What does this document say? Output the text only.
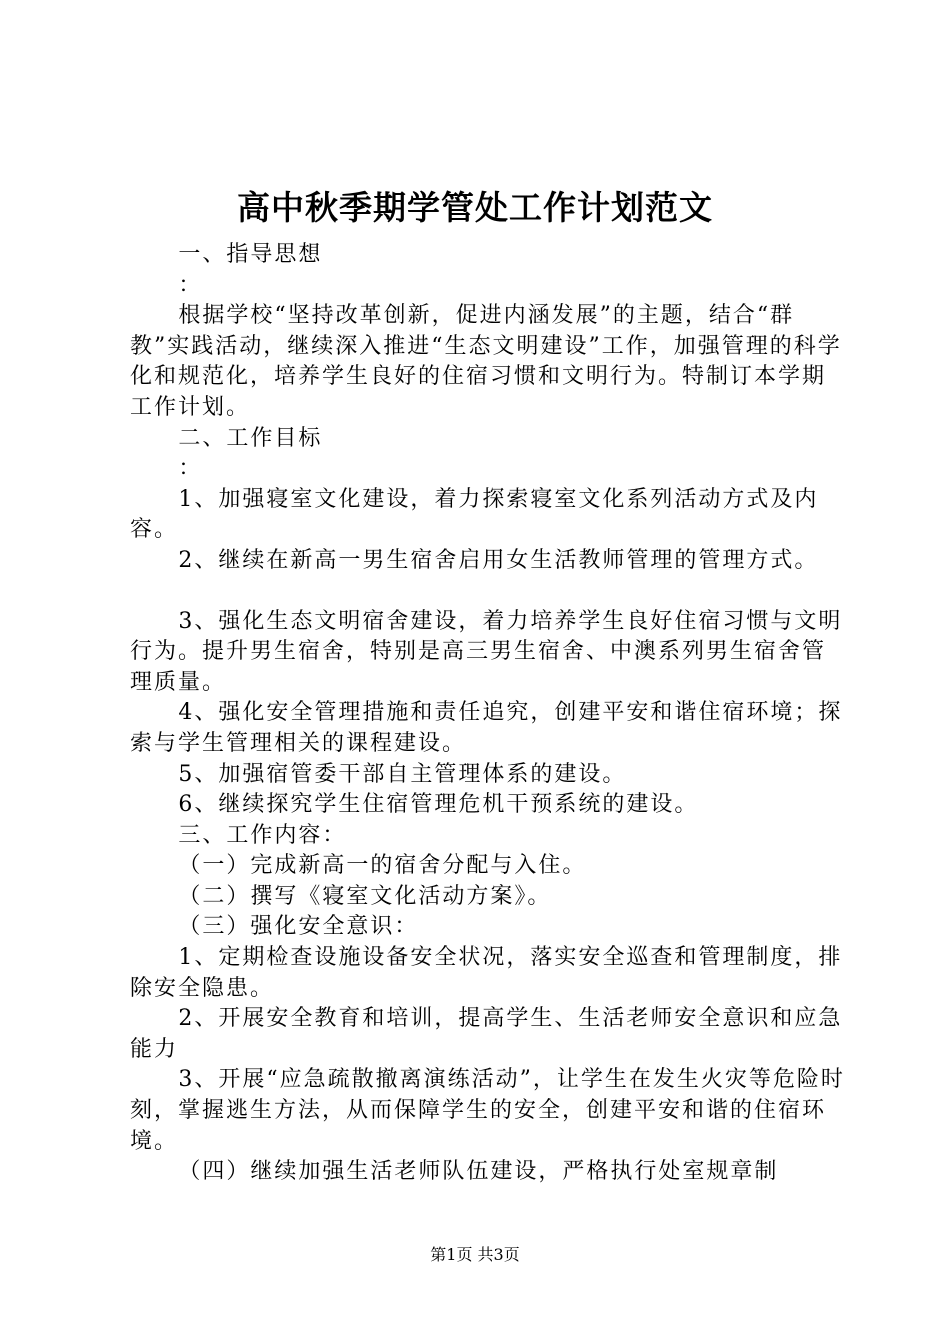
高中秋季期学管处工作计划范文

一、指导思想

：

根据学校“坚持改革创新，促进内涵发展”的主题，结合“群教”实践活动，继续深入推进“生态文明建设”工作，加强管理的科学化和规范化，培养学生良好的住宿习惯和文明行为。特制订本学期工作计划。

二、工作目标

：

1、加强寝室文化建设，着力探索寝室文化系列活动方式及内容。

2、继续在新高一男生宿舍启用女生活教师管理的管理方式。

3、强化生态文明宿舍建设，着力培养学生良好住宿习惯与文明行为。提升男生宿舍，特别是高三男生宿舍、中澳系列男生宿舍管理质量。

4、强化安全管理措施和责任追究，创建平安和谐住宿环境；探索与学生管理相关的课程建设。

5、加强宿管委干部自主管理体系的建设。

6、继续探究学生住宿管理危机干预系统的建设。

三、工作内容：

（一）完成新高一的宿舍分配与入住。

（二）撰写《寝室文化活动方案》。

（三）强化安全意识：

1、定期检查设施设备安全状况，落实安全巡查和管理制度，排除安全隐患。

2、开展安全教育和培训，提高学生、生活老师安全意识和应急能力

3、开展“应急疏散撤离演练活动”，让学生在发生火灾等危险时刻，掌握逃生方法，从而保障学生的安全，创建平安和谐的住宿环境。

（四）继续加强生活老师队伍建设，严格执行处室规章制

第1页 共3页
